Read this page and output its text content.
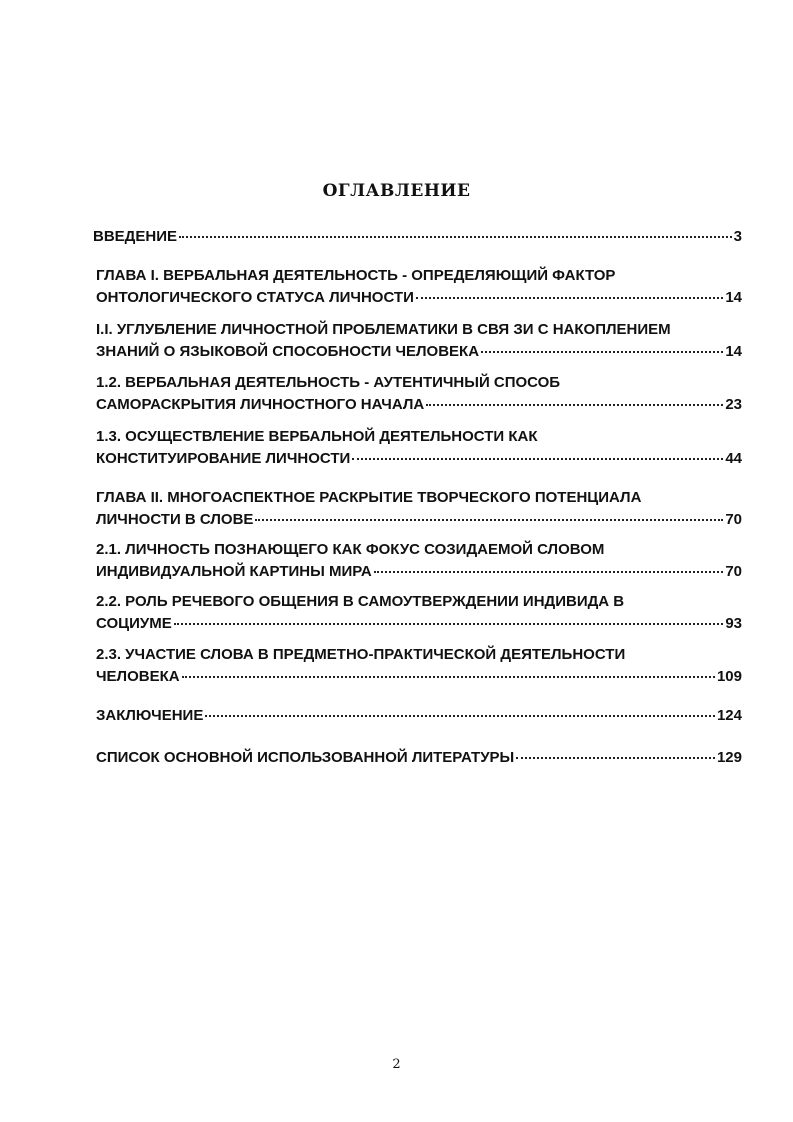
ОГЛАВЛЕНИЕ
ВВЕДЕНИЕ	3
ГЛАВА I. ВЕРБАЛЬНАЯ ДЕЯТЕЛЬНОСТЬ - ОПРЕДЕЛЯЮЩИЙ ФАКТОР
ОНТОЛОГИЧЕСКОГО СТАТУСА ЛИЧНОСТИ	14
I.I. УГЛУБЛЕНИЕ ЛИЧНОСТНОЙ ПРОБЛЕМАТИКИ В СВЯ ЗИ С НАКОПЛЕНИЕМ
ЗНАНИЙ О ЯЗЫКОВОЙ СПОСОБНОСТИ ЧЕЛОВЕКА	14
1.2. ВЕРБАЛЬНАЯ ДЕЯТЕЛЬНОСТЬ - АУТЕНТИЧНЫЙ СПОСОБ
САМОРАСКРЫТИЯ ЛИЧНОСТНОГО НАЧАЛА	23
1.3. ОСУЩЕСТВЛЕНИЕ ВЕРБАЛЬНОЙ ДЕЯТЕЛЬНОСТИ КАК
КОНСТИТУИРОВАНИЕ ЛИЧНОСТИ	44
ГЛАВА II. МНОГОАСПЕКТНОЕ РАСКРЫТИЕ ТВОРЧЕСКОГО ПОТЕНЦИАЛА
ЛИЧНОСТИ В СЛОВЕ	70
2.1. ЛИЧНОСТЬ ПОЗНАЮЩЕГО КАК ФОКУС СОЗИДАЕМОЙ СЛОВОМ
ИНДИВИДУАЛЬНОЙ КАРТИНЫ МИРА	70
2.2. РОЛЬ РЕЧЕВОГО ОБЩЕНИЯ В САМОУТВЕРЖДЕНИИ ИНДИВИДА В
СОЦИУМЕ	93
2.3. УЧАСТИЕ СЛОВА В ПРЕДМЕТНО-ПРАКТИЧЕСКОЙ ДЕЯТЕЛЬНОСТИ
ЧЕЛОВЕКА	109
ЗАКЛЮЧЕНИЕ	124
СПИСОК ОСНОВНОЙ ИСПОЛЬЗОВАННОЙ ЛИТЕРАТУРЫ	129
2
